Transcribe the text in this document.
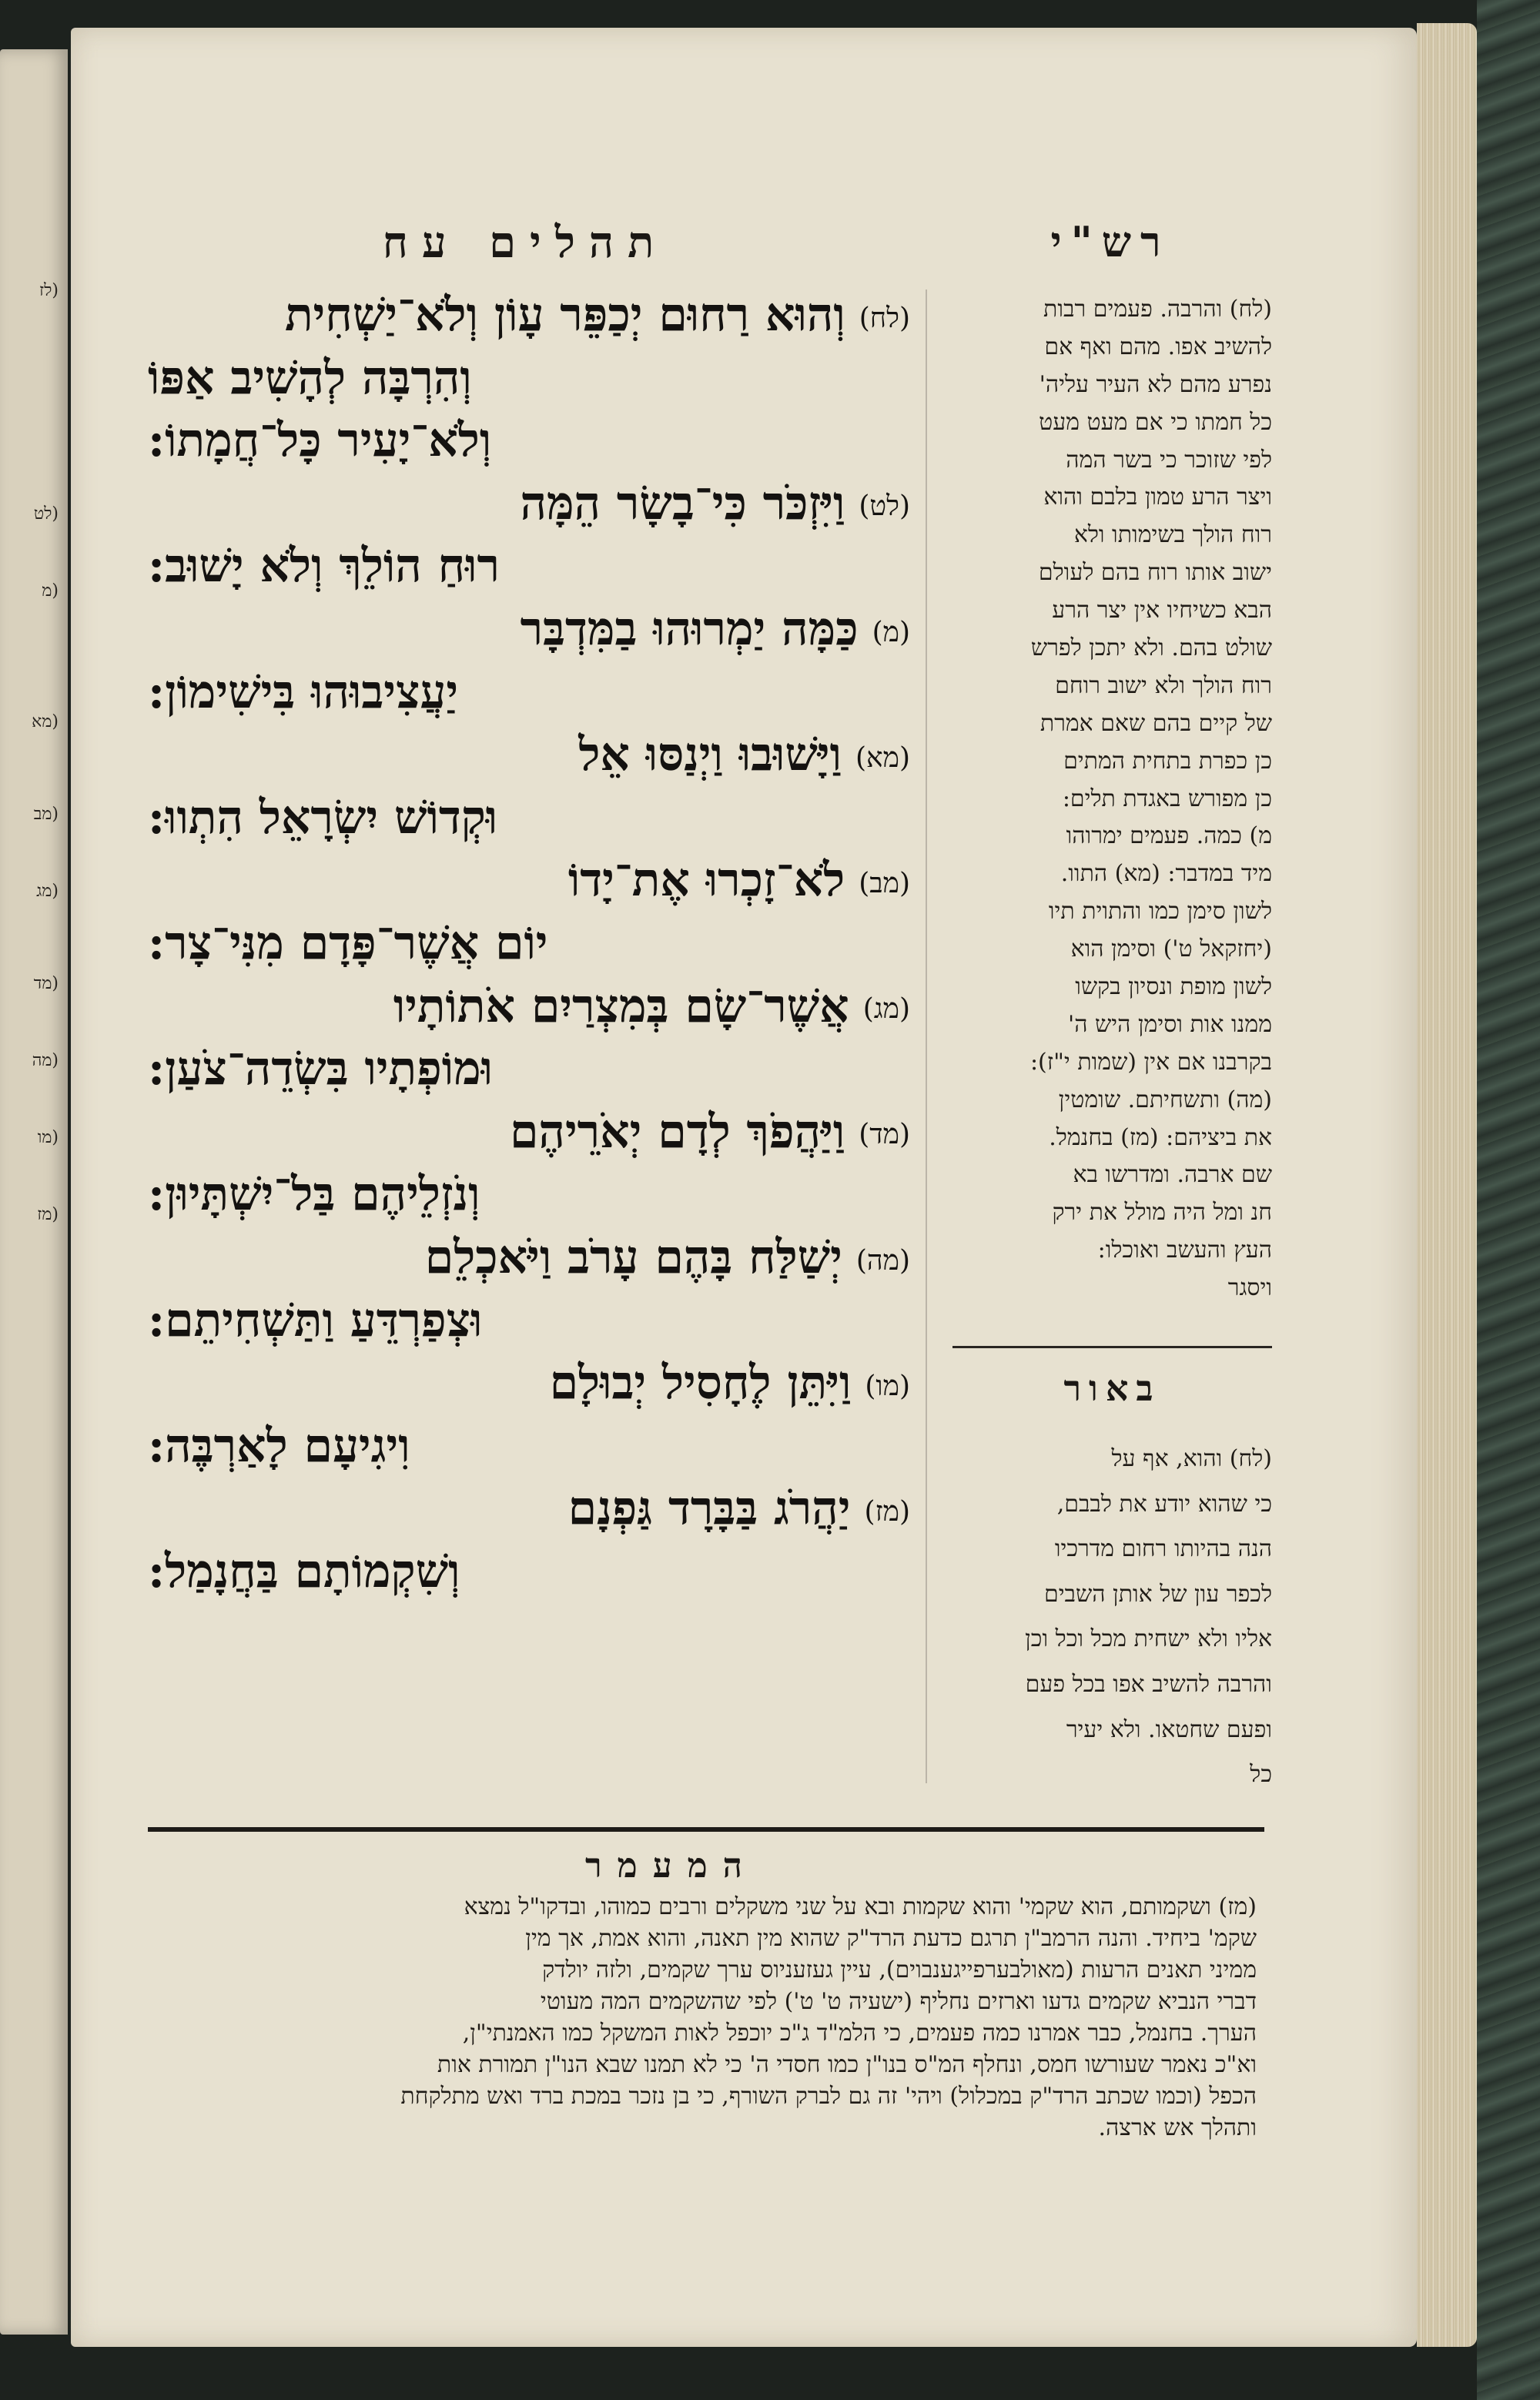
(לז
(לט
(מ
(מא
(מב
(מג
(מד
(מה
(מו
(מז
תהלים עח	רש"י
(לח)וְהוּא רַחוּם יְכַפֵּר עָוֹן וְלֹא־יַשְׁחִית
וְהִרְבָּה לְהָשִׁיב אַפּוֹ
וְלֹא־יָעִיר כָּל־חֲמָתוֹ:
(לט)וַיִּזְכֹּר כִּי־בָשָׂר הֵמָּה
רוּחַ הוֹלֵךְ וְלֹא יָשׁוּב:
(מ)כַּמָּה יַמְרוּהוּ בַמִּדְבָּר
יַעֲצִיבוּהוּ בִּישִׁימוֹן:
(מא)וַיָּשׁוּבוּ וַיְנַסּוּ אֵל
וּקְדוֹשׁ יִשְׂרָאֵל הִתְווּ:
(מב)לֹא־זָכְרוּ אֶת־יָדוֹ
יוֹם אֲשֶׁר־פָּדָם מִנִּי־צָר:
(מג)אֲשֶׁר־שָׂם בְּמִצְרַיִם אֹתוֹתָיו
וּמוֹפְתָיו בִּשְׂדֵה־צֹעַן:
(מד)וַיַּהֲפֹךְ לְדָם יְאֹרֵיהֶם
וְנֹזְלֵיהֶם בַּל־יִשְׁתָּיוּן:
(מה)יְשַׁלַּח בָּהֶם עָרֹב וַיֹּאכְלֵם
וּצְפַרְדֵּעַ וַתַּשְׁחִיתֵם:
(מו)וַיִּתֵּן לֶחָסִיל יְבוּלָם
וִיגִיעָם לָאַרְבֶּה:
(מז)יַהֲרֹג בַּבָּרָד גַּפְנָם
וְשִׁקְמוֹתָם בַּחֲנָמַל:
(לח) והרבה. פעמים רבות
להשיב אפו. מהם ואף אם
נפרע מהם לא העיר עליה'
כל חמתו כי אם מעט מעט
לפי שזוכר כי בשר המה
ויצר הרע טמון בלבם והוא
רוח הולך בשימותו ולא
ישוב אותו רוח בהם לעולם
הבא כשיחיו אין יצר הרע
שולט בהם. ולא יתכן לפרש
רוח הולך ולא ישוב רוחם
של קיים בהם שאם אמרת
כן כפרת בתחית המתים
כן מפורש באגדת תלים:
מ) כמה. פעמים ימרוהו
מיד במדבר: (מא) התוו.
לשון סימן כמו והתוית תיו
(יחזקאל ט') וסימן הוא
לשון מופת ונסיון בקשו
ממנו אות וסימן היש ה'
בקרבנו אם אין (שמות י"ז):
(מה) ותשחיתם. שומטין
את ביציהם: (מז) בחנמל.
שם ארבה. ומדרשו בא
חנ ומל היה מולל את ירק
העץ והעשב ואוכלו:
ויסגר
באור
(לח) והוא, אף על
כי שהוא יודע את לבבם,
הנה בהיותו רחום מדרכיו
לכפר עון של אותן השבים
אליו ולא ישחית מכל וכל וכן
והרבה להשיב אפו בכל פעם
ופעם שחטאו. ולא יעיר
כל
המעמר
(מז) ושקמותם, הוא שקמי' והוא שקמות ובא על שני משקלים ורבים כמוהו, ובדקו"ל נמצא
שקמ' ביחיד. והנה הרמב"ן תרגם כדעת הרד"ק שהוא מין תאנה, והוא אמת, אך מין
ממיני תאנים הרעות (מאולבערפייגענבוים), עיין געזעניוס ערך שקמים, ולזה יולדק
דברי הנביא שקמים גדעו וארזים נחליף (ישעיה ט' ט') לפי שהשקמים המה מעוטי
הערך. בחנמל, כבר אמרנו כמה פעמים, כי הלמ"ד ג"כ יוכפל לאות המשקל כמו האמנתי"ן,
וא"כ נאמר שעורשו חמס, ונחלף המ"ס בנו"ן כמו חסדי ה' כי לא תמנו שבא הנו"ן תמורת אות
הכפל (וכמו שכתב הרד"ק במכלול) ויהי' זה גם לברק השורף, כי בן נזכר במכת ברד ואש מתלקחת
ותהלך אש ארצה.
